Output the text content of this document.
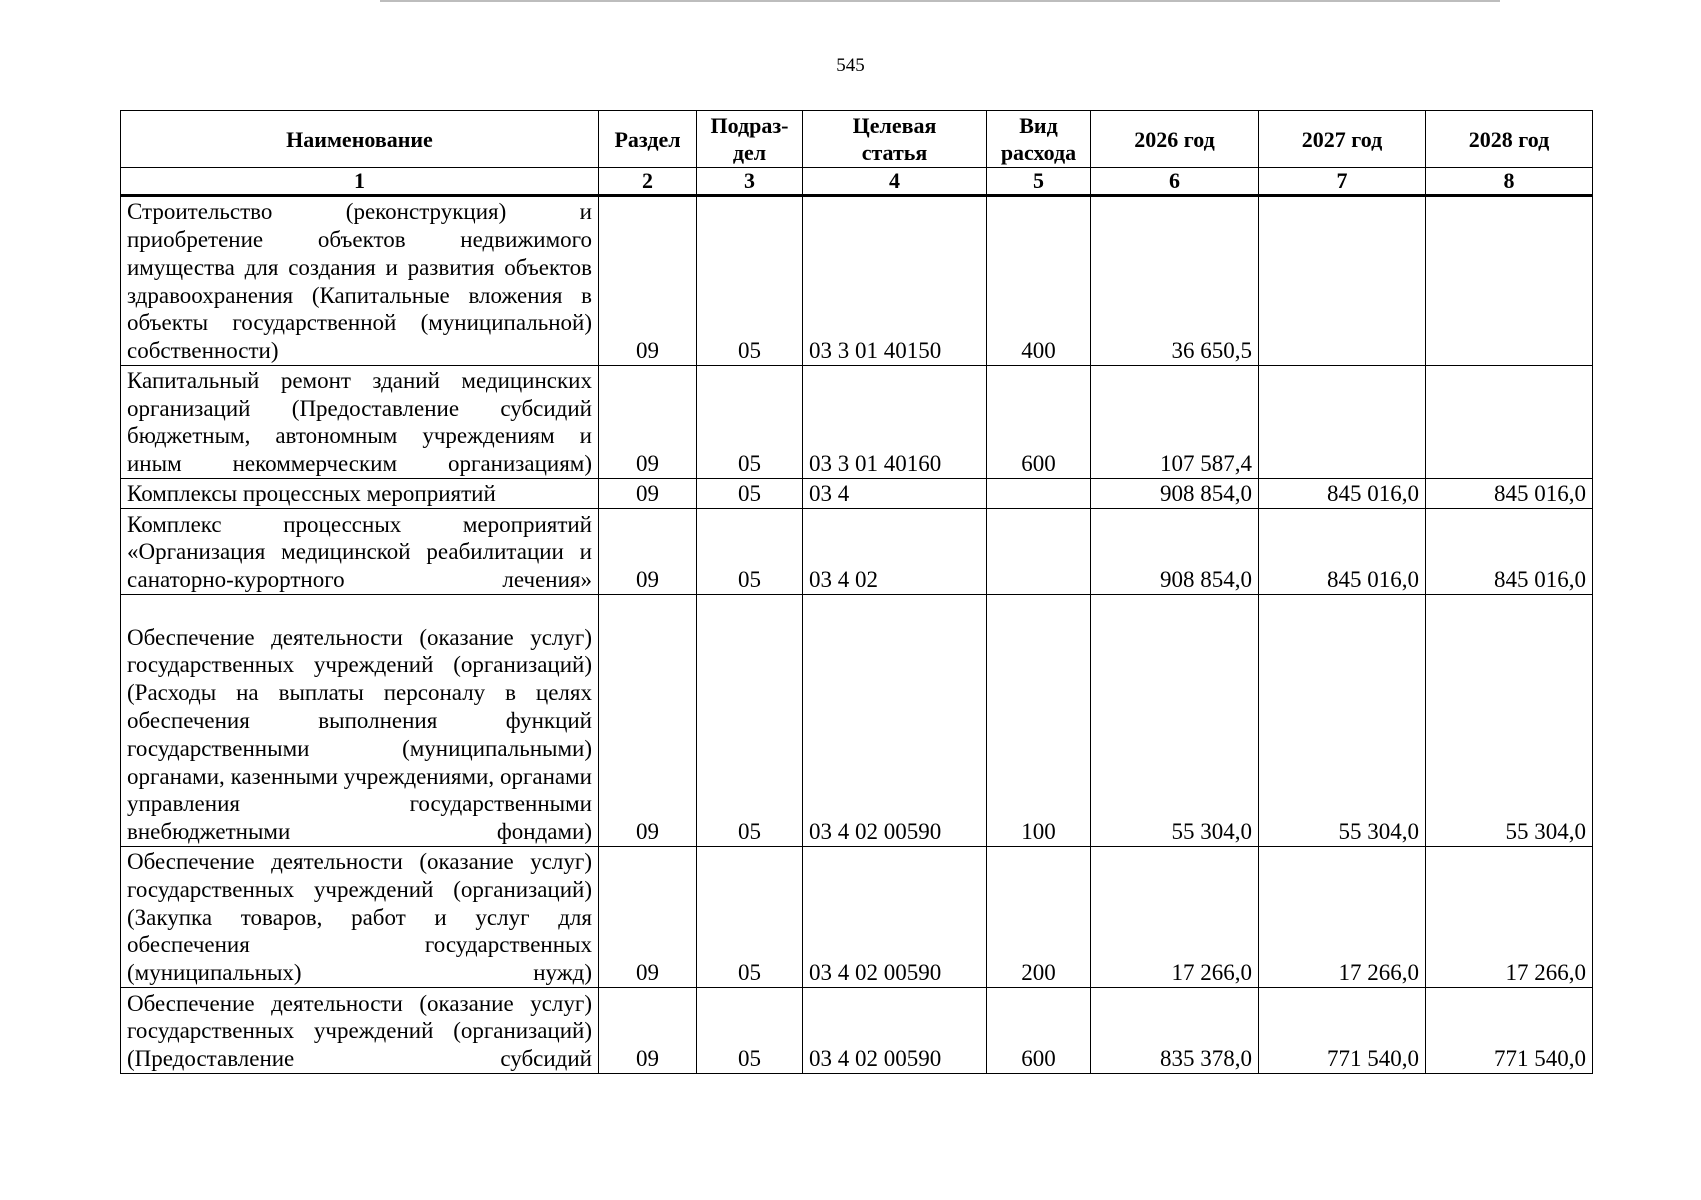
545
Наименование	Раздел	Подраз-дел	Целевая статья	Вид расхода	2026 год	2027 год	2028 год
1	2	3	4	5	6	7	8
Строительство (реконструкция) и приобретение объектов недвижимого имущества для создания и развития объектов здравоохранения (Капитальные вложения в объекты государственной (муниципальной) собственности)	09	05	03 3 01 40150	400	36 650,5		
Капитальный ремонт зданий медицинских организаций (Предоставление субсидий бюджетным, автономным учреждениям и иным некоммерческим организациям)	09	05	03 3 01 40160	600	107 587,4		
Комплексы процессных мероприятий	09	05	03 4		908 854,0	845 016,0	845 016,0
Комплекс процессных мероприятий «Организация медицинской реабилитации и санаторно-курортного лечения»	09	05	03 4 02		908 854,0	845 016,0	845 016,0
Обеспечение деятельности (оказание услуг) государственных учреждений (организаций) (Расходы на выплаты персоналу в целях обеспечения выполнения функций государственными (муниципальными) органами, казенными учреждениями, органами управления государственными внебюджетными фондами)	09	05	03 4 02 00590	100	55 304,0	55 304,0	55 304,0
Обеспечение деятельности (оказание услуг) государственных учреждений (организаций) (Закупка товаров, работ и услуг для обеспечения государственных (муниципальных) нужд)	09	05	03 4 02 00590	200	17 266,0	17 266,0	17 266,0
Обеспечение деятельности (оказание услуг) государственных учреждений (организаций) (Предоставление субсидий	09	05	03 4 02 00590	600	835 378,0	771 540,0	771 540,0
